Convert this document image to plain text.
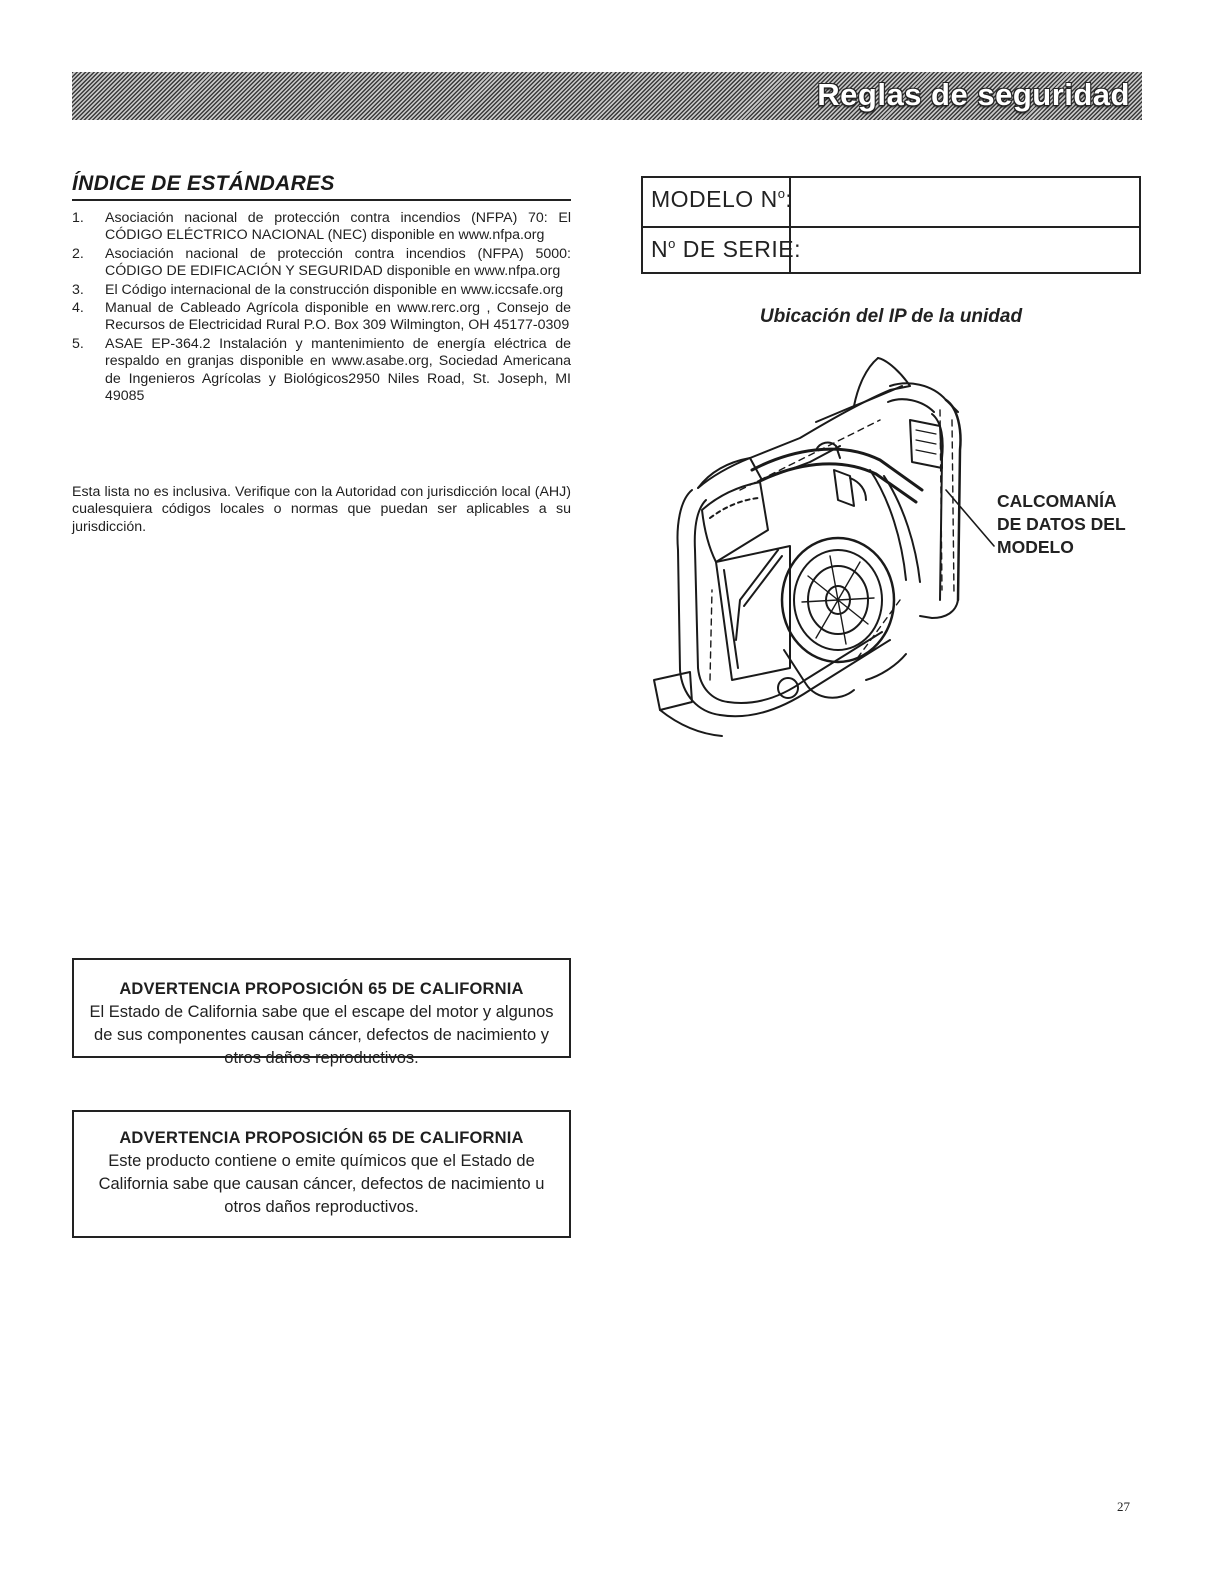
Reglas de seguridad
ÍNDICE DE ESTÁNDARES
1. Asociación nacional de protección contra incendios (NFPA) 70: El CÓDIGO ELÉCTRICO NACIONAL (NEC) disponible en www.nfpa.org
2. Asociación nacional de protección contra incendios (NFPA) 5000: CÓDIGO DE EDIFICACIÓN Y SEGURIDAD disponible en www.nfpa.org
3. El Código internacional de la construcción disponible en www.iccsafe.org
4. Manual de Cableado Agrícola disponible en www.rerc.org , Consejo de Recursos de Electricidad Rural P.O. Box 309 Wilmington, OH 45177-0309
5. ASAE EP-364.2 Instalación y mantenimiento de energía eléctrica de respaldo en granjas disponible en www.asabe.org, Sociedad Americana de Ingenieros Agrícolas y Biológicos2950 Niles Road, St. Joseph, MI 49085

Esta lista no es inclusiva. Verifique con la Autoridad con jurisdicción local (AHJ) cualesquiera códigos locales o normas que puedan ser aplicables a su jurisdicción.

MODELO $N^o$:
$N^o$ DE SERIE:
Ubicación del IP de la unidad
CALCOMANÍA DE DATOS DEL MODELO
ADVERTENCIA PROPOSICIÓN 65 DE CALIFORNIA
El Estado de California sabe que el escape del motor y algunos de sus componentes causan cáncer, defectos de nacimiento y otros daños reproductivos.
ADVERTENCIA PROPOSICIÓN 65 DE CALIFORNIA
Este producto contiene o emite químicos que el Estado de California sabe que causan cáncer, defectos de nacimiento u otros daños reproductivos.
27
